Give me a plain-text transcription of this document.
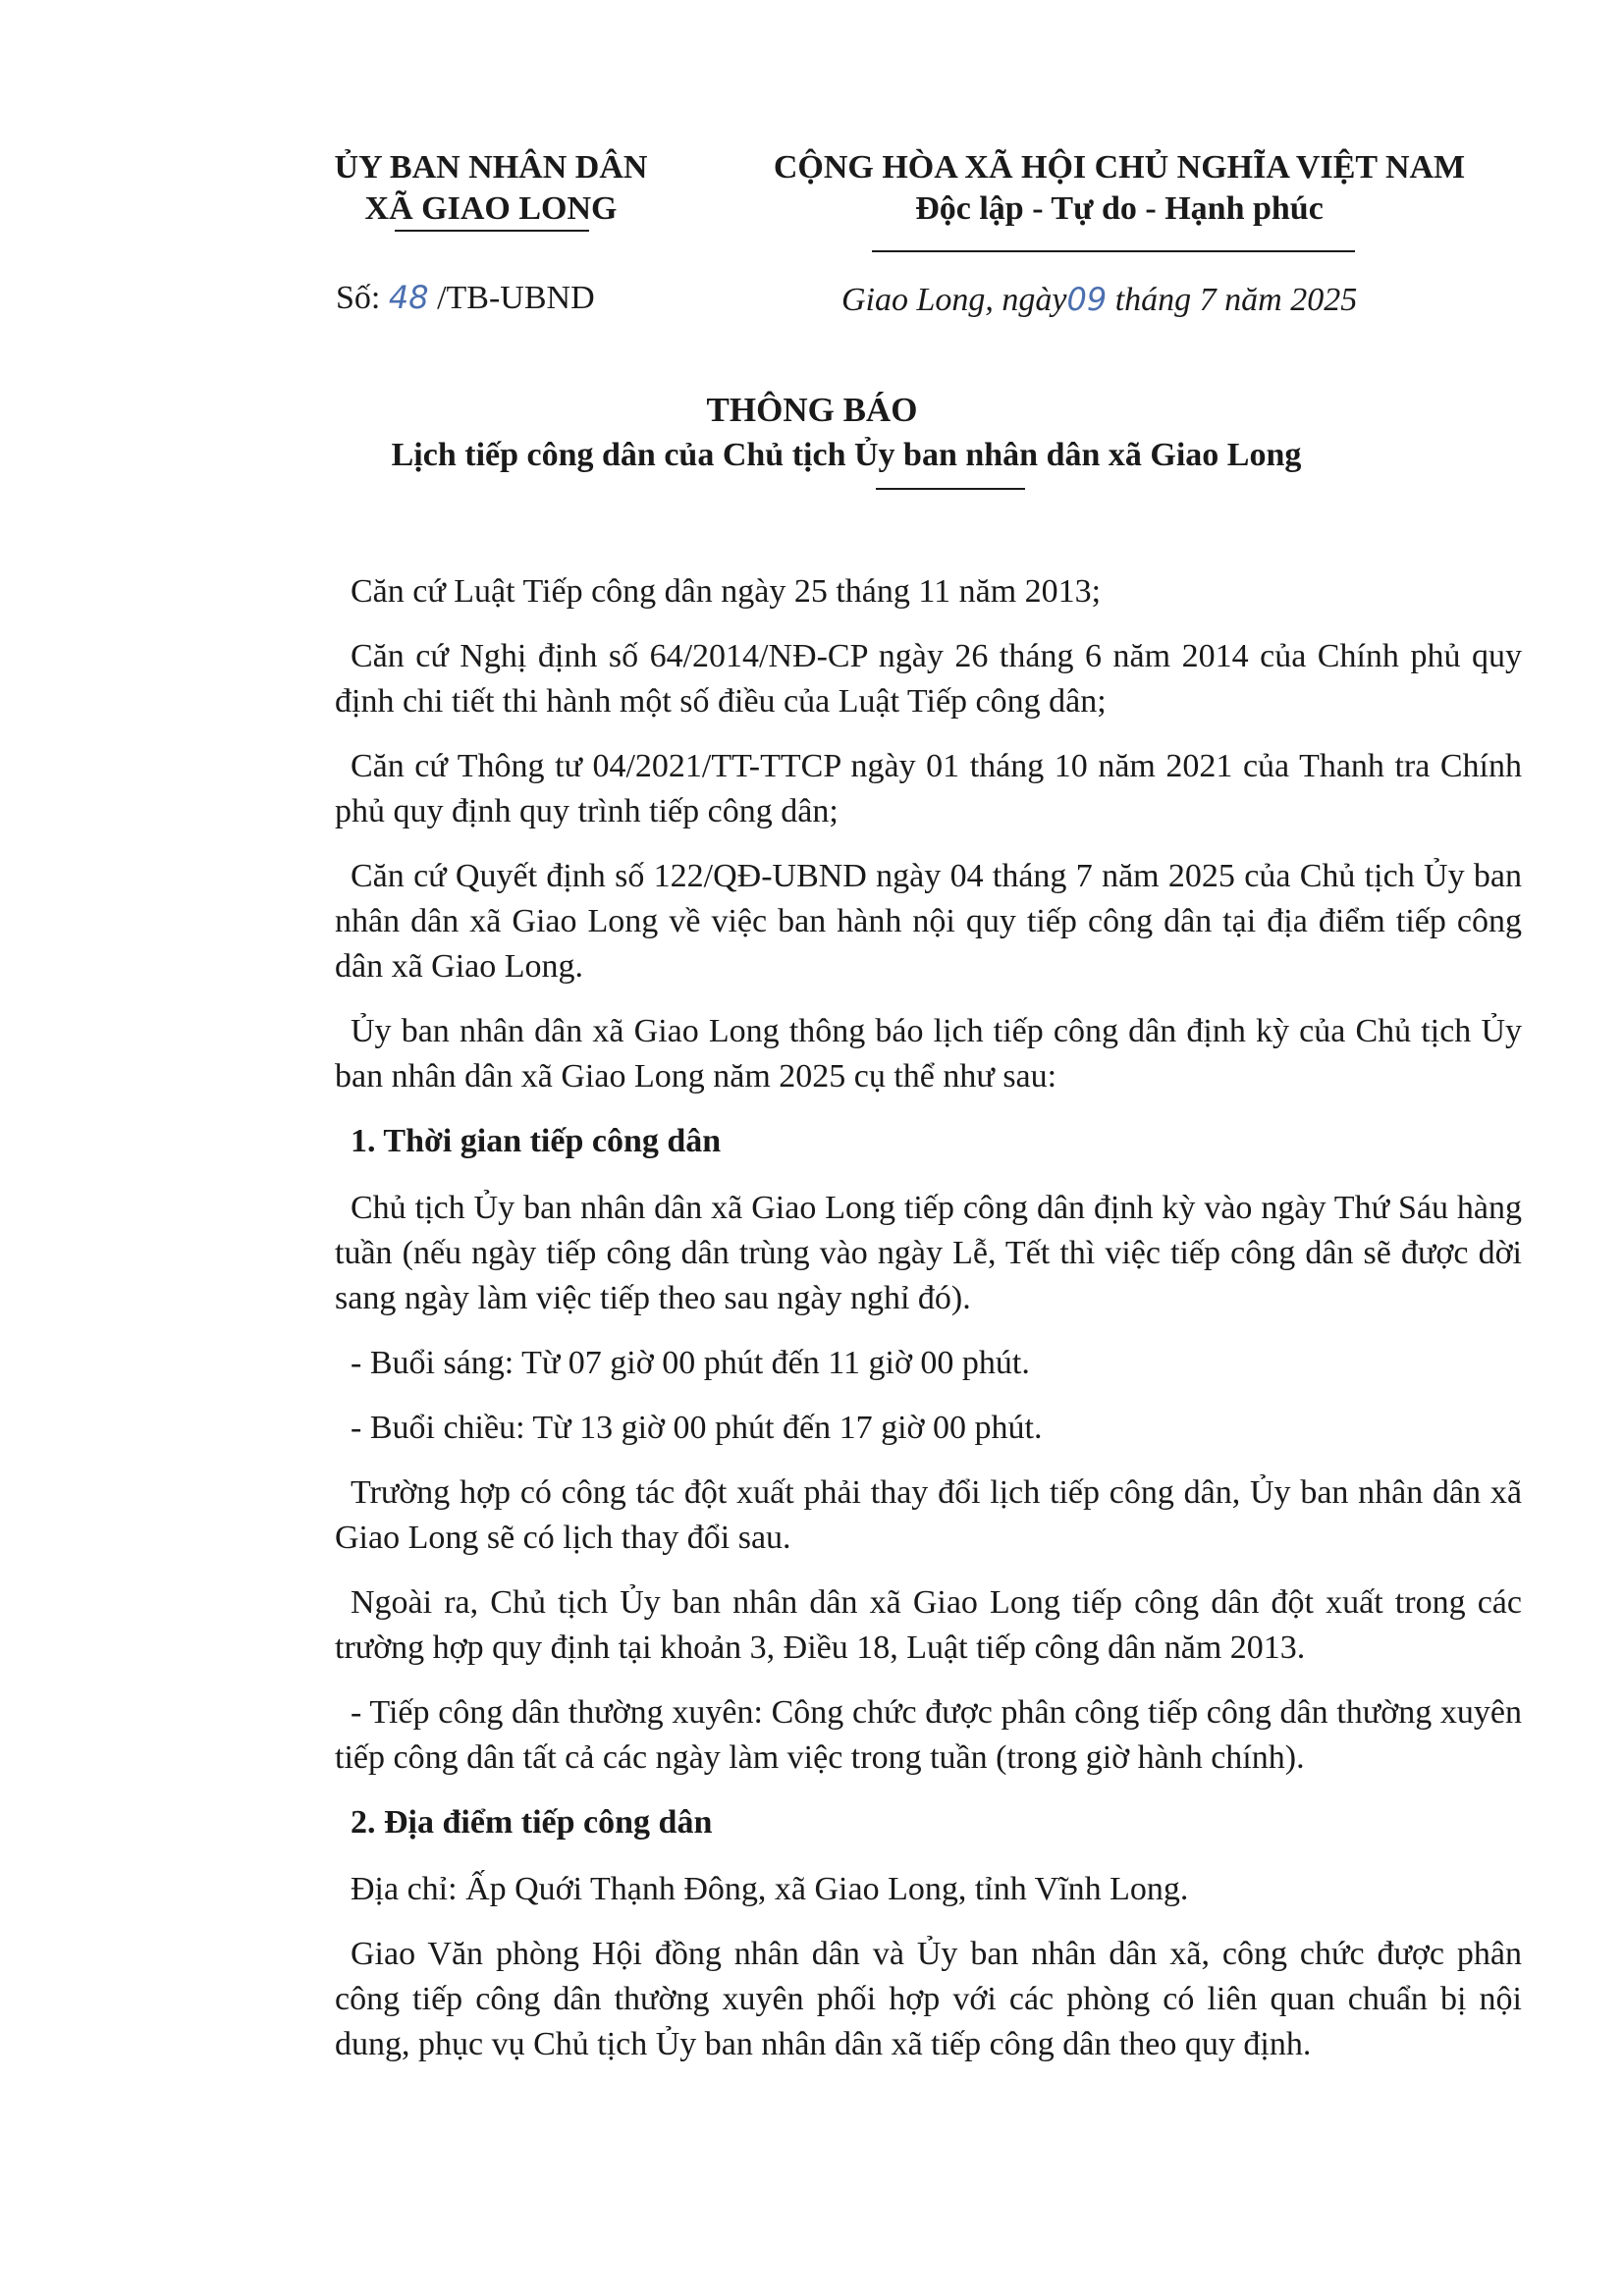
ỦY BAN NHÂN DÂN
XÃ GIAO LONG
CỘNG HÒA XÃ HỘI CHỦ NGHĨA VIỆT NAM
Độc lập - Tự do - Hạnh phúc
Số: 48 /TB-UBND	Giao Long, ngày09 tháng 7 năm 2025
THÔNG BÁO
Lịch tiếp công dân của Chủ tịch Ủy ban nhân dân xã Giao Long

Căn cứ Luật Tiếp công dân ngày 25 tháng 11 năm 2013;

Căn cứ Nghị định số 64/2014/NĐ-CP ngày 26 tháng 6 năm 2014 của Chính phủ quy định chi tiết thi hành một số điều của Luật Tiếp công dân;

Căn cứ Thông tư 04/2021/TT-TTCP ngày 01 tháng 10 năm 2021 của Thanh tra Chính phủ quy định quy trình tiếp công dân;

Căn cứ Quyết định số 122/QĐ-UBND ngày 04 tháng 7 năm 2025 của Chủ tịch Ủy ban nhân dân xã Giao Long về việc ban hành nội quy tiếp công dân tại địa điểm tiếp công dân xã Giao Long.

Ủy ban nhân dân xã Giao Long thông báo lịch tiếp công dân định kỳ của Chủ tịch Ủy ban nhân dân xã Giao Long năm 2025 cụ thể như sau:

1. Thời gian tiếp công dân

Chủ tịch Ủy ban nhân dân xã Giao Long tiếp công dân định kỳ vào ngày Thứ Sáu hàng tuần (nếu ngày tiếp công dân trùng vào ngày Lễ, Tết thì việc tiếp công dân sẽ được dời sang ngày làm việc tiếp theo sau ngày nghỉ đó).

- Buổi sáng: Từ 07 giờ 00 phút đến 11 giờ 00 phút.

- Buổi chiều: Từ 13 giờ 00 phút đến 17 giờ 00 phút.

Trường hợp có công tác đột xuất phải thay đổi lịch tiếp công dân, Ủy ban nhân dân xã Giao Long sẽ có lịch thay đổi sau.

Ngoài ra, Chủ tịch Ủy ban nhân dân xã Giao Long tiếp công dân đột xuất trong các trường hợp quy định tại khoản 3, Điều 18, Luật tiếp công dân năm 2013.

- Tiếp công dân thường xuyên: Công chức được phân công tiếp công dân thường xuyên tiếp công dân tất cả các ngày làm việc trong tuần (trong giờ hành chính).

2. Địa điểm tiếp công dân

Địa chỉ: Ấp Quới Thạnh Đông, xã Giao Long, tỉnh Vĩnh Long.

Giao Văn phòng Hội đồng nhân dân và Ủy ban nhân dân xã, công chức được phân công tiếp công dân thường xuyên phối hợp với các phòng có liên quan chuẩn bị nội dung, phục vụ Chủ tịch Ủy ban nhân dân xã tiếp công dân theo quy định.
